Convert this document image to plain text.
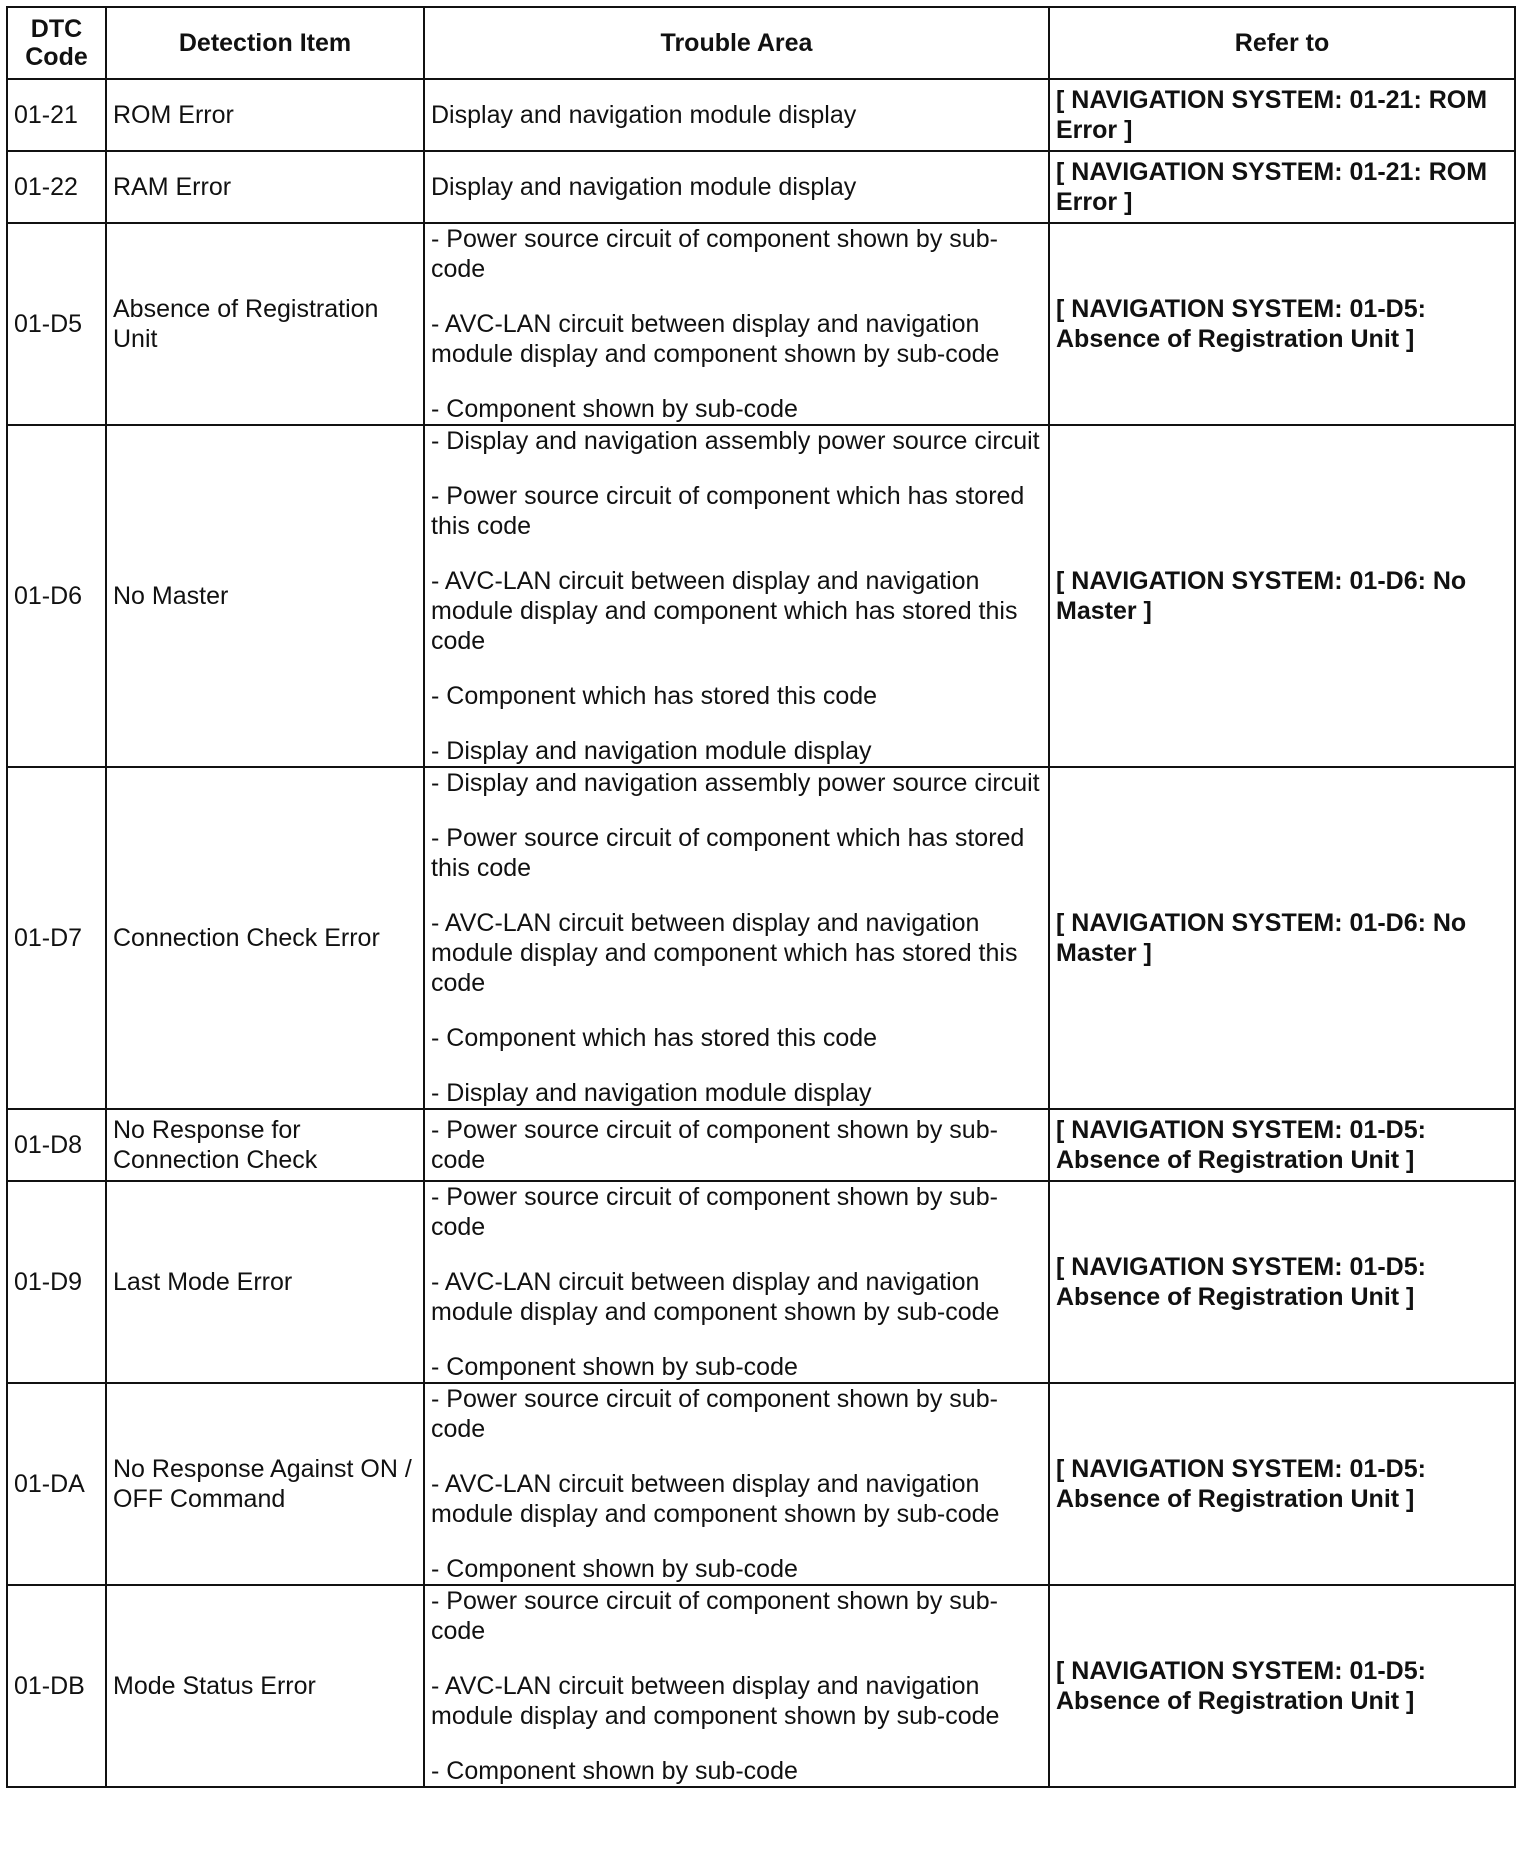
DTC Code	Detection Item	Trouble Area	Refer to
01-21	ROM Error	Display and navigation module display	[ NAVIGATION SYSTEM: 01-21: ROM Error ]
01-22	RAM Error	Display and navigation module display	[ NAVIGATION SYSTEM: 01-21: ROM Error ]
01-D5	Absence of Registration Unit	- Power source circuit of component shown by sub-code
- AVC-LAN circuit between display and navigation module display and component shown by sub-code
- Component shown by sub-code	[ NAVIGATION SYSTEM: 01-D5: Absence of Registration Unit ]
01-D6	No Master	- Display and navigation assembly power source circuit
- Power source circuit of component which has stored this code
- AVC-LAN circuit between display and navigation module display and component which has stored this code
- Component which has stored this code
- Display and navigation module display	[ NAVIGATION SYSTEM: 01-D6: No Master ]
01-D7	Connection Check Error	- Display and navigation assembly power source circuit
- Power source circuit of component which has stored this code
- AVC-LAN circuit between display and navigation module display and component which has stored this code
- Component which has stored this code
- Display and navigation module display	[ NAVIGATION SYSTEM: 01-D6: No Master ]
01-D8	No Response for Connection Check	- Power source circuit of component shown by sub-code	[ NAVIGATION SYSTEM: 01-D5: Absence of Registration Unit ]
01-D9	Last Mode Error	- Power source circuit of component shown by sub-code
- AVC-LAN circuit between display and navigation module display and component shown by sub-code
- Component shown by sub-code	[ NAVIGATION SYSTEM: 01-D5: Absence of Registration Unit ]
01-DA	No Response Against ON / OFF Command	- Power source circuit of component shown by sub-code
- AVC-LAN circuit between display and navigation module display and component shown by sub-code
- Component shown by sub-code	[ NAVIGATION SYSTEM: 01-D5: Absence of Registration Unit ]
01-DB	Mode Status Error	- Power source circuit of component shown by sub-code
- AVC-LAN circuit between display and navigation module display and component shown by sub-code
- Component shown by sub-code	[ NAVIGATION SYSTEM: 01-D5: Absence of Registration Unit ]
